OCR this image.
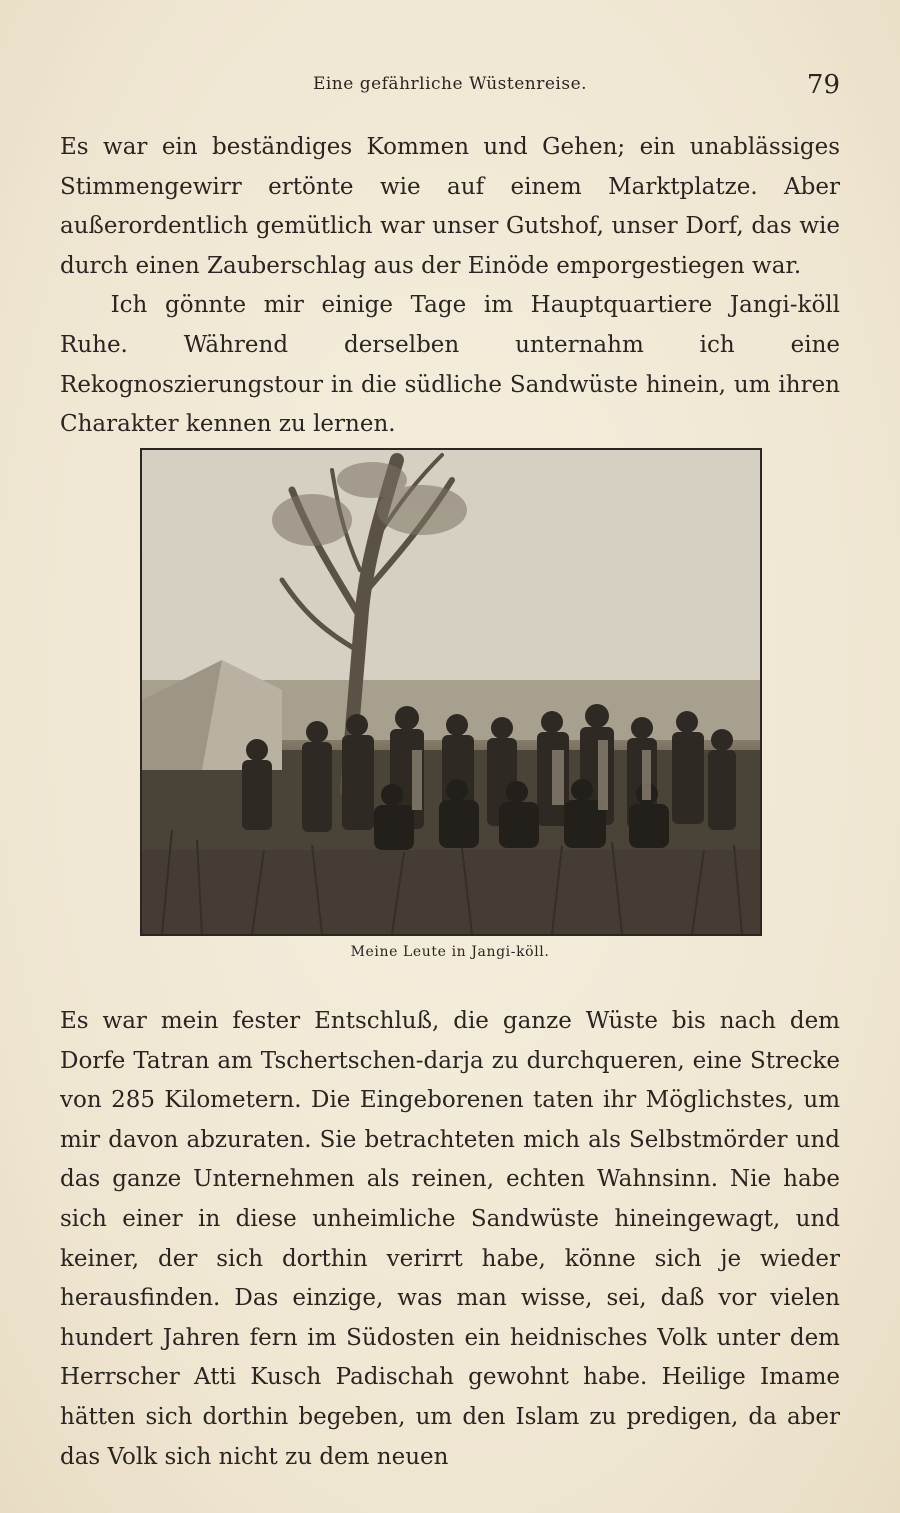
Eine gefährliche Wüstenreise.	79

Es war ein beständiges Kommen und Gehen; ein unablässiges Stimmengewirr ertönte wie auf einem Marktplatze. Aber außerordentlich gemütlich war unser Gutshof, unser Dorf, das wie durch einen Zauberschlag aus der Einöde emporgestiegen war.

Ich gönnte mir einige Tage im Hauptquartiere Jangi-köll Ruhe. Während derselben unternahm ich eine Rekognoszierungstour in die südliche Sandwüste hinein, um ihren Charakter kennen zu lernen.

Meine Leute in Jangi-köll.

Es war mein fester Entschluß, die ganze Wüste bis nach dem Dorfe Tatran am Tschertschen-darja zu durchqueren, eine Strecke von 285 Kilometern. Die Eingeborenen taten ihr Möglichstes, um mir davon abzuraten. Sie betrachteten mich als Selbstmörder und das ganze Unternehmen als reinen, echten Wahnsinn. Nie habe sich einer in diese unheimliche Sandwüste hineingewagt, und keiner, der sich dorthin verirrt habe, könne sich je wieder herausfinden. Das einzige, was man wisse, sei, daß vor vielen hundert Jahren fern im Südosten ein heidnisches Volk unter dem Herrscher Atti Kusch Padischah gewohnt habe. Heilige Imame hätten sich dorthin begeben, um den Islam zu predigen, da aber das Volk sich nicht zu dem neuen
